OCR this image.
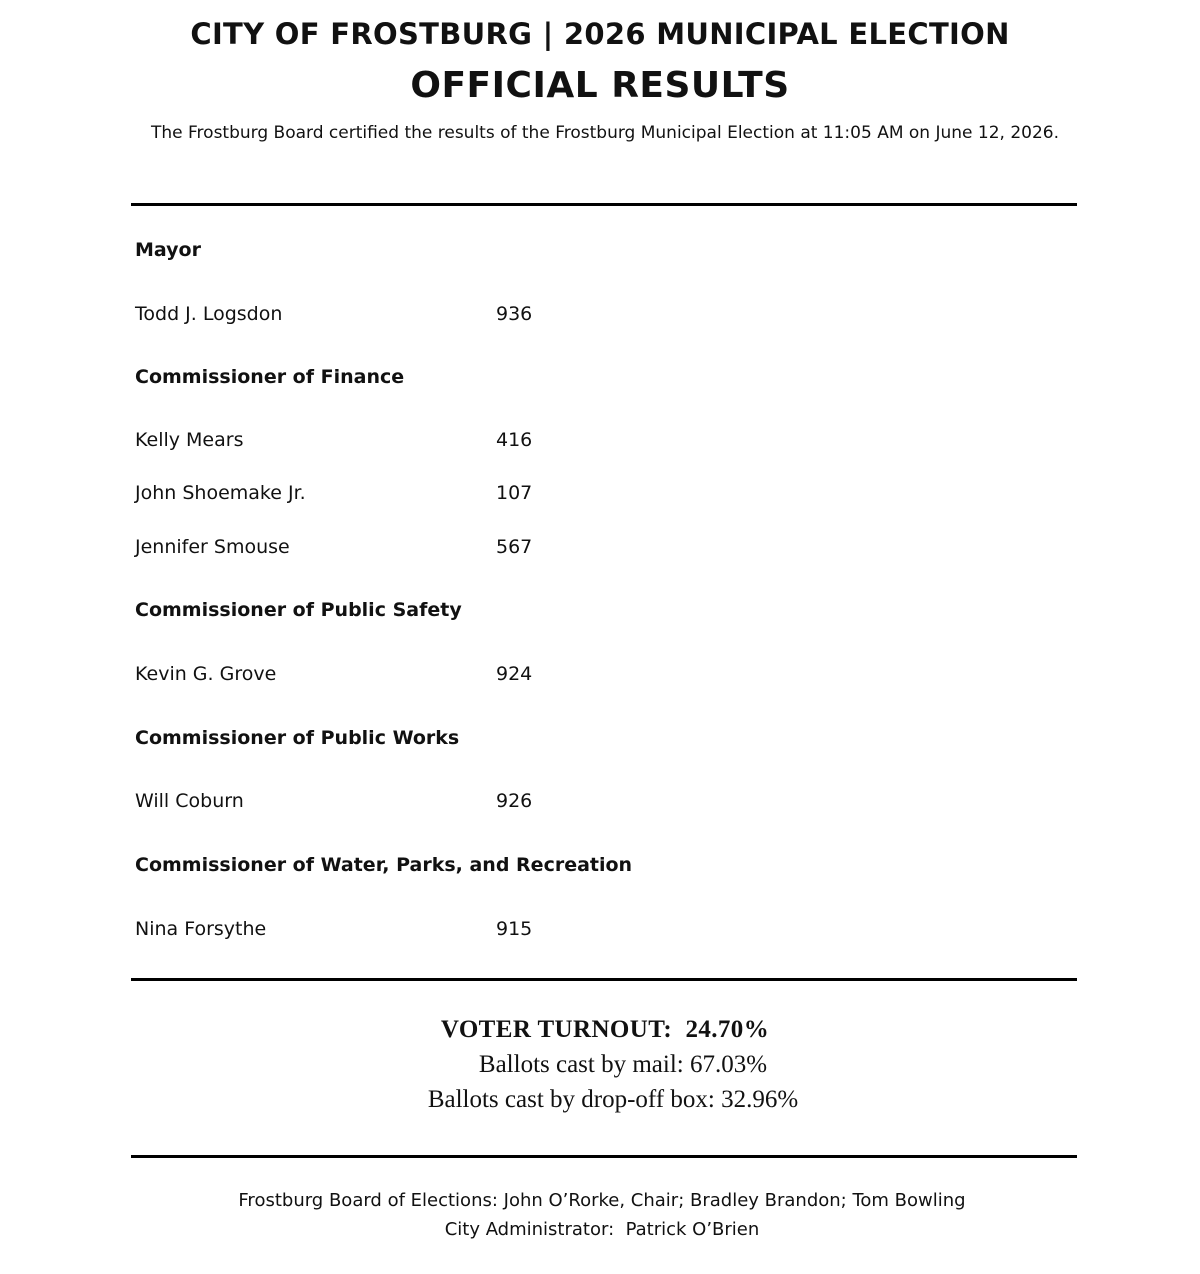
CITY OF FROSTBURG | 2026 MUNICIPAL ELECTION
OFFICIAL RESULTS
The Frostburg Board certified the results of the Frostburg Municipal Election at 11:05 AM on June 12, 2026.
Mayor
Todd J. Logsdon	936
Commissioner of Finance
Kelly Mears	416
John Shoemake Jr.	107
Jennifer Smouse	567
Commissioner of Public Safety
Kevin G. Grove	924
Commissioner of Public Works
Will Coburn	926
Commissioner of Water, Parks, and Recreation
Nina Forsythe	915
VOTER TURNOUT:  24.70%
Ballots cast by mail: 67.03%
Ballots cast by drop-off box: 32.96%
Frostburg Board of Elections: John O’Rorke, Chair; Bradley Brandon; Tom Bowling
City Administrator:  Patrick O’Brien
